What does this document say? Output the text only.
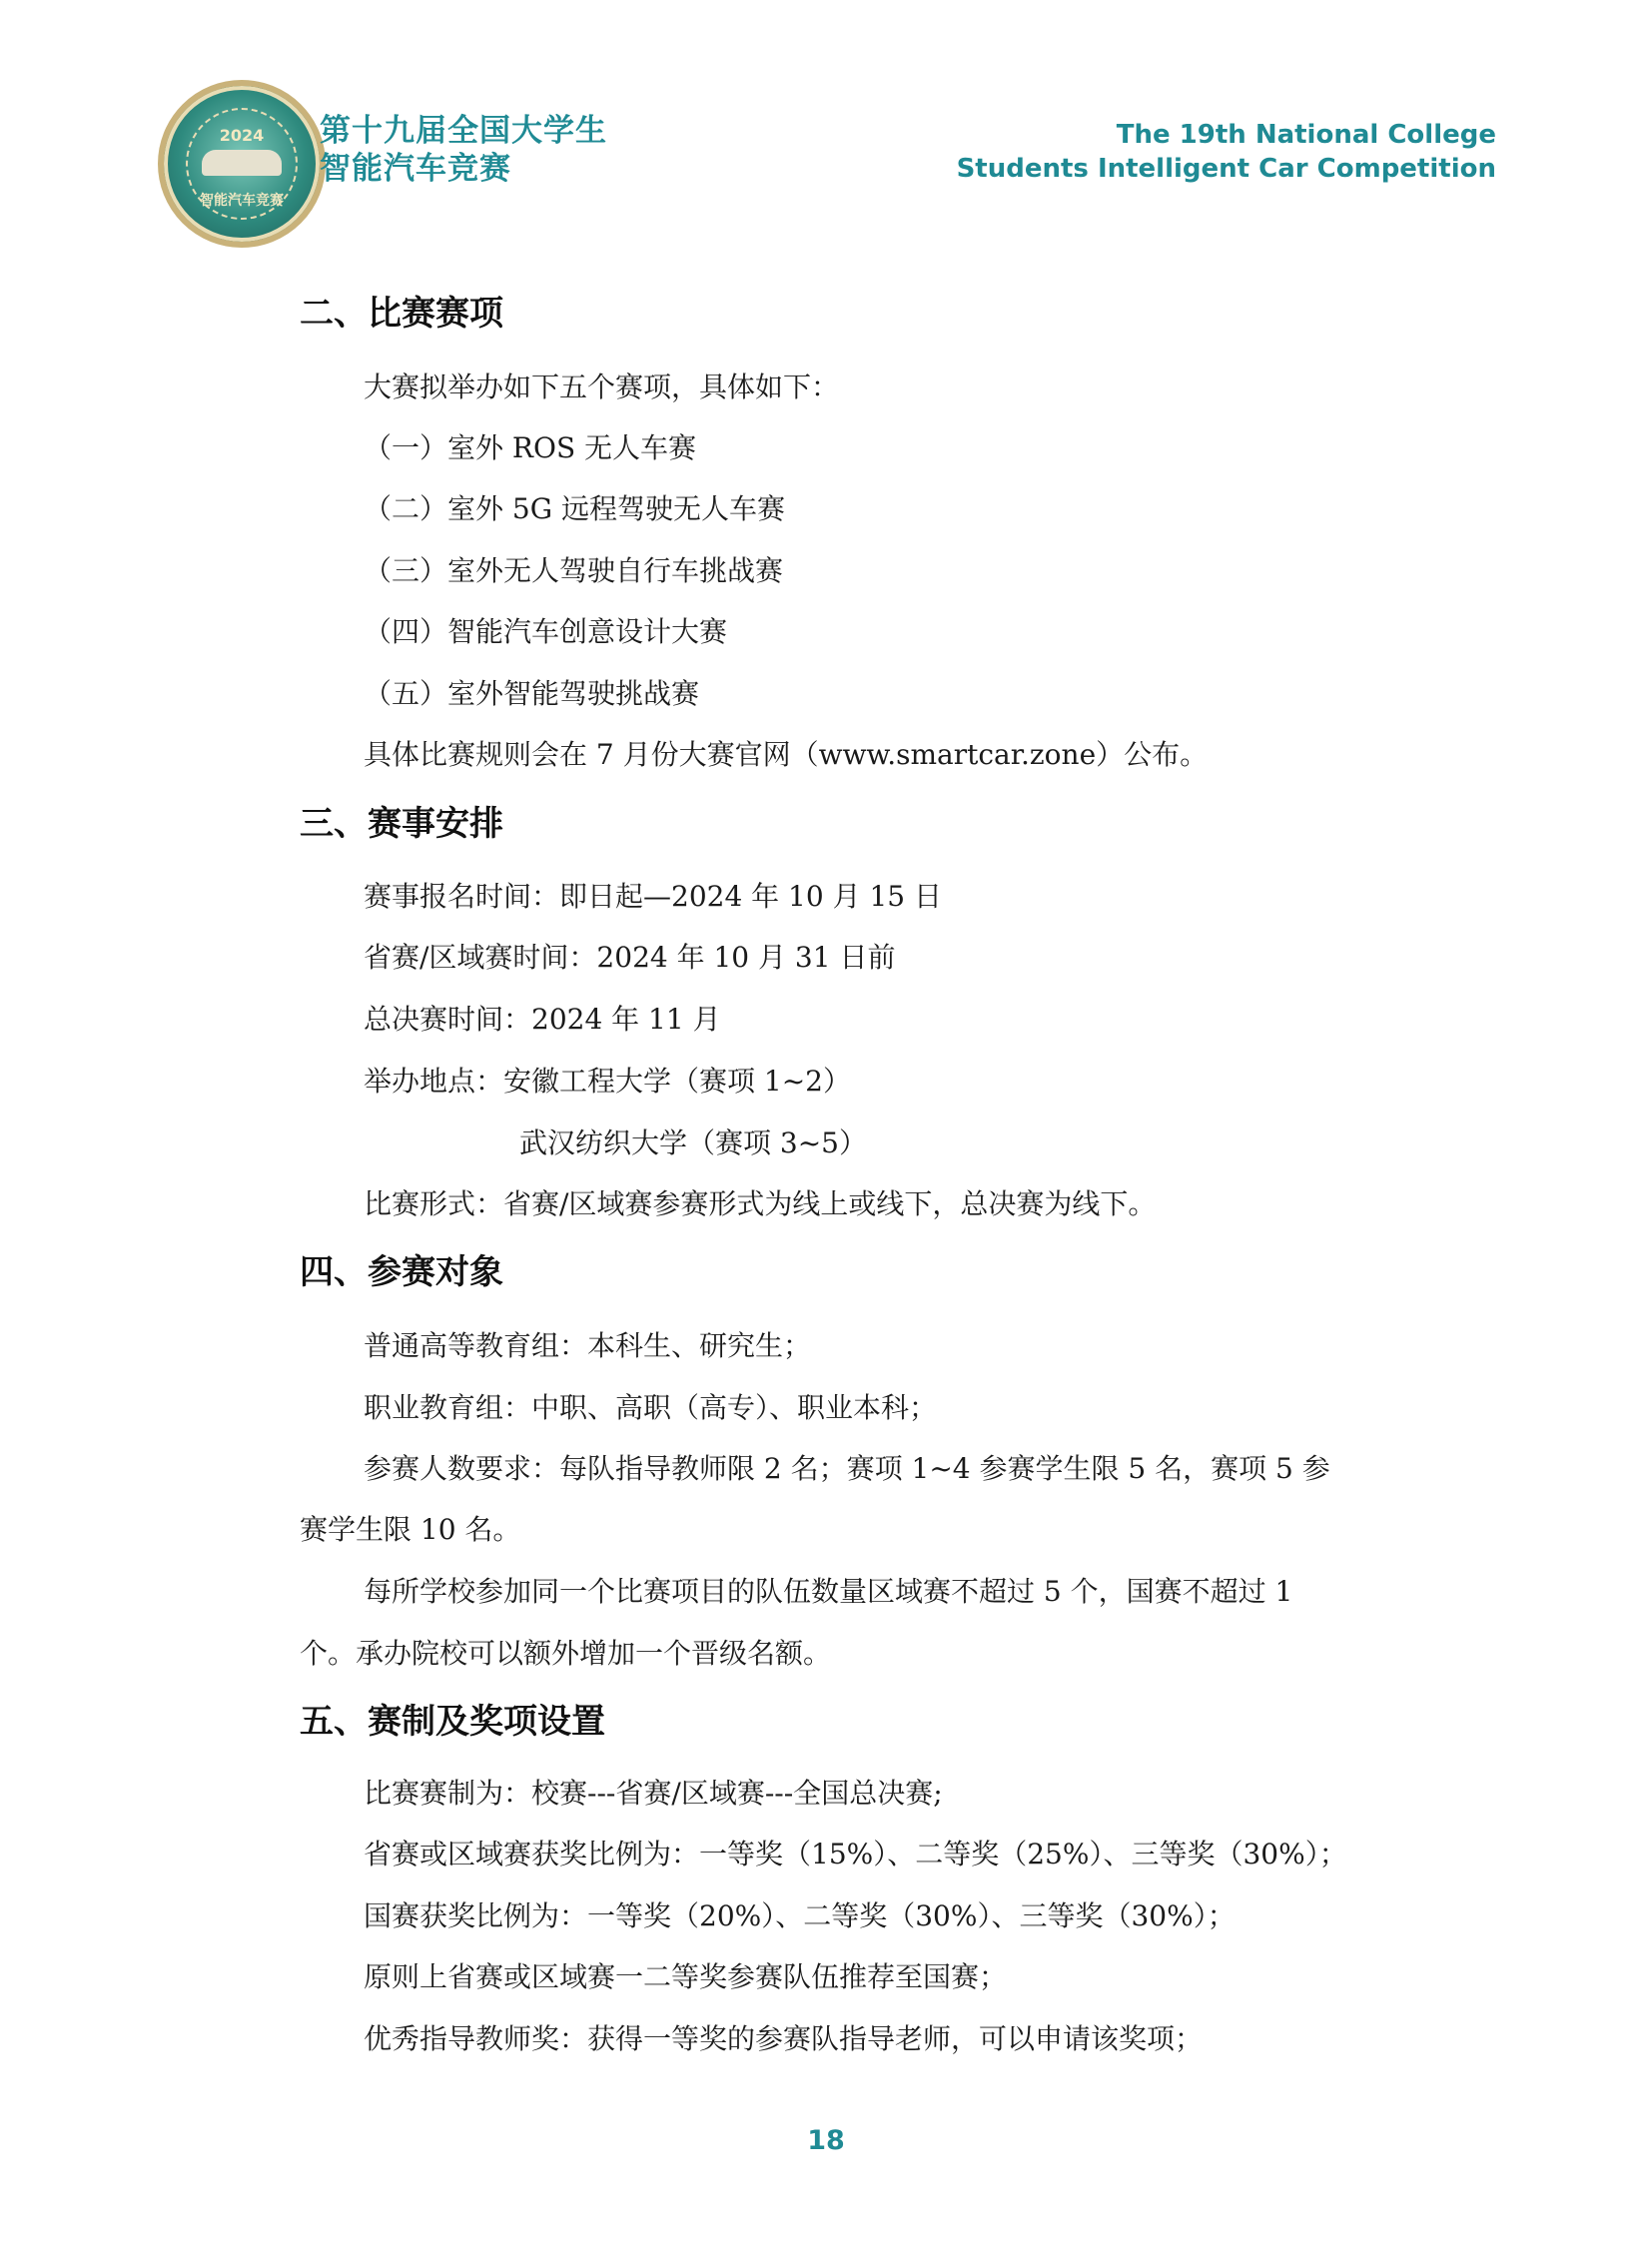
2024
智能汽车竞赛
第十九届全国大学生
智能汽车竞赛
The 19th National College
Students Intelligent Car Competition
二、比赛赛项
大赛拟举办如下五个赛项，具体如下：
（一）室外 ROS 无人车赛
（二）室外 5G 远程驾驶无人车赛
（三）室外无人驾驶自行车挑战赛
（四）智能汽车创意设计大赛
（五）室外智能驾驶挑战赛
具体比赛规则会在 7 月份大赛官网（www.smartcar.zone）公布。
三、赛事安排
赛事报名时间：即日起—2024 年 10 月 15 日
省赛/区域赛时间：2024 年 10 月 31 日前
总决赛时间：2024 年 11 月
举办地点：安徽工程大学（赛项 1~2）
武汉纺织大学（赛项 3~5）
比赛形式：省赛/区域赛参赛形式为线上或线下，总决赛为线下。
四、参赛对象
普通高等教育组：本科生、研究生；
职业教育组：中职、高职（高专）、职业本科；
参赛人数要求：每队指导教师限 2 名；赛项 1~4 参赛学生限 5 名，赛项 5 参
赛学生限 10 名。
每所学校参加同一个比赛项目的队伍数量区域赛不超过 5 个，国赛不超过 1
个。承办院校可以额外增加一个晋级名额。
五、赛制及奖项设置
比赛赛制为：校赛---省赛/区域赛---全国总决赛;
省赛或区域赛获奖比例为：一等奖（15%）、二等奖（25%）、三等奖（30%）；
国赛获奖比例为：一等奖（20%）、二等奖（30%）、三等奖（30%）；
原则上省赛或区域赛一二等奖参赛队伍推荐至国赛；
优秀指导教师奖：获得一等奖的参赛队指导老师，可以申请该奖项；
18
